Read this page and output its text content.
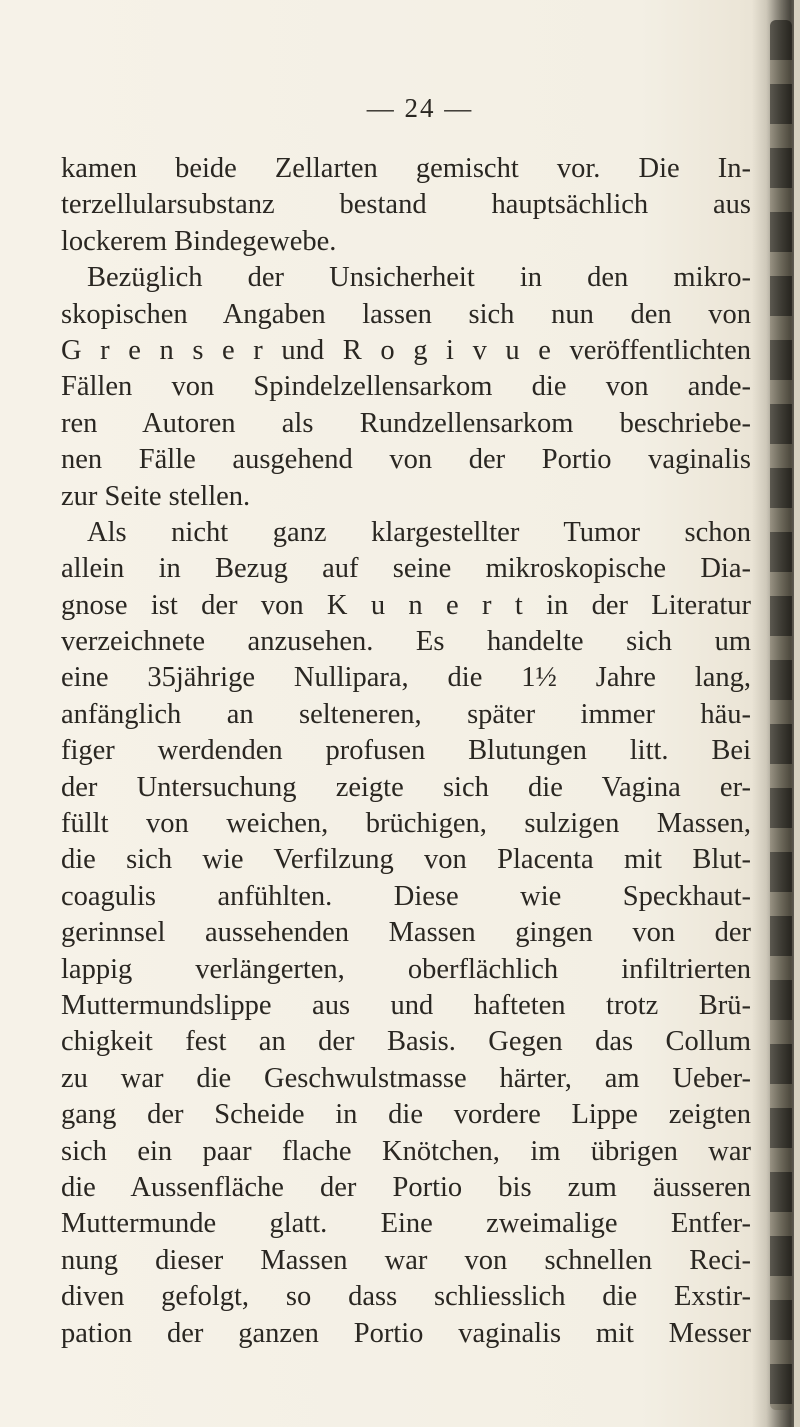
— 24 —
kamen beide Zellarten gemischt vor. Die In-
terzellularsubstanz bestand hauptsächlich aus
lockerem Bindegewebe.
Bezüglich der Unsicherheit in den mikro-
skopischen Angaben lassen sich nun den von
G r e n s e r und R o g i v u e veröffentlichten
Fällen von Spindelzellensarkom die von ande-
ren Autoren als Rundzellensarkom beschriebe-
nen Fälle ausgehend von der Portio vaginalis
zur Seite stellen.
Als nicht ganz klargestellter Tumor schon
allein in Bezug auf seine mikroskopische Dia-
gnose ist der von K u n e r t in der Literatur
verzeichnete anzusehen. Es handelte sich um
eine 35jährige Nullipara, die 1½ Jahre lang,
anfänglich an selteneren, später immer häu-
figer werdenden profusen Blutungen litt. Bei
der Untersuchung zeigte sich die Vagina er-
füllt von weichen, brüchigen, sulzigen Massen,
die sich wie Verfilzung von Placenta mit Blut-
coagulis anfühlten. Diese wie Speckhaut-
gerinnsel aussehenden Massen gingen von der
lappig verlängerten, oberflächlich infiltrierten
Muttermundslippe aus und hafteten trotz Brü-
chigkeit fest an der Basis. Gegen das Collum
zu war die Geschwulstmasse härter, am Ueber-
gang der Scheide in die vordere Lippe zeigten
sich ein paar flache Knötchen, im übrigen war
die Aussenfläche der Portio bis zum äusseren
Muttermunde glatt. Eine zweimalige Entfer-
nung dieser Massen war von schnellen Reci-
diven gefolgt, so dass schliesslich die Exstir-
pation der ganzen Portio vaginalis mit Messer
